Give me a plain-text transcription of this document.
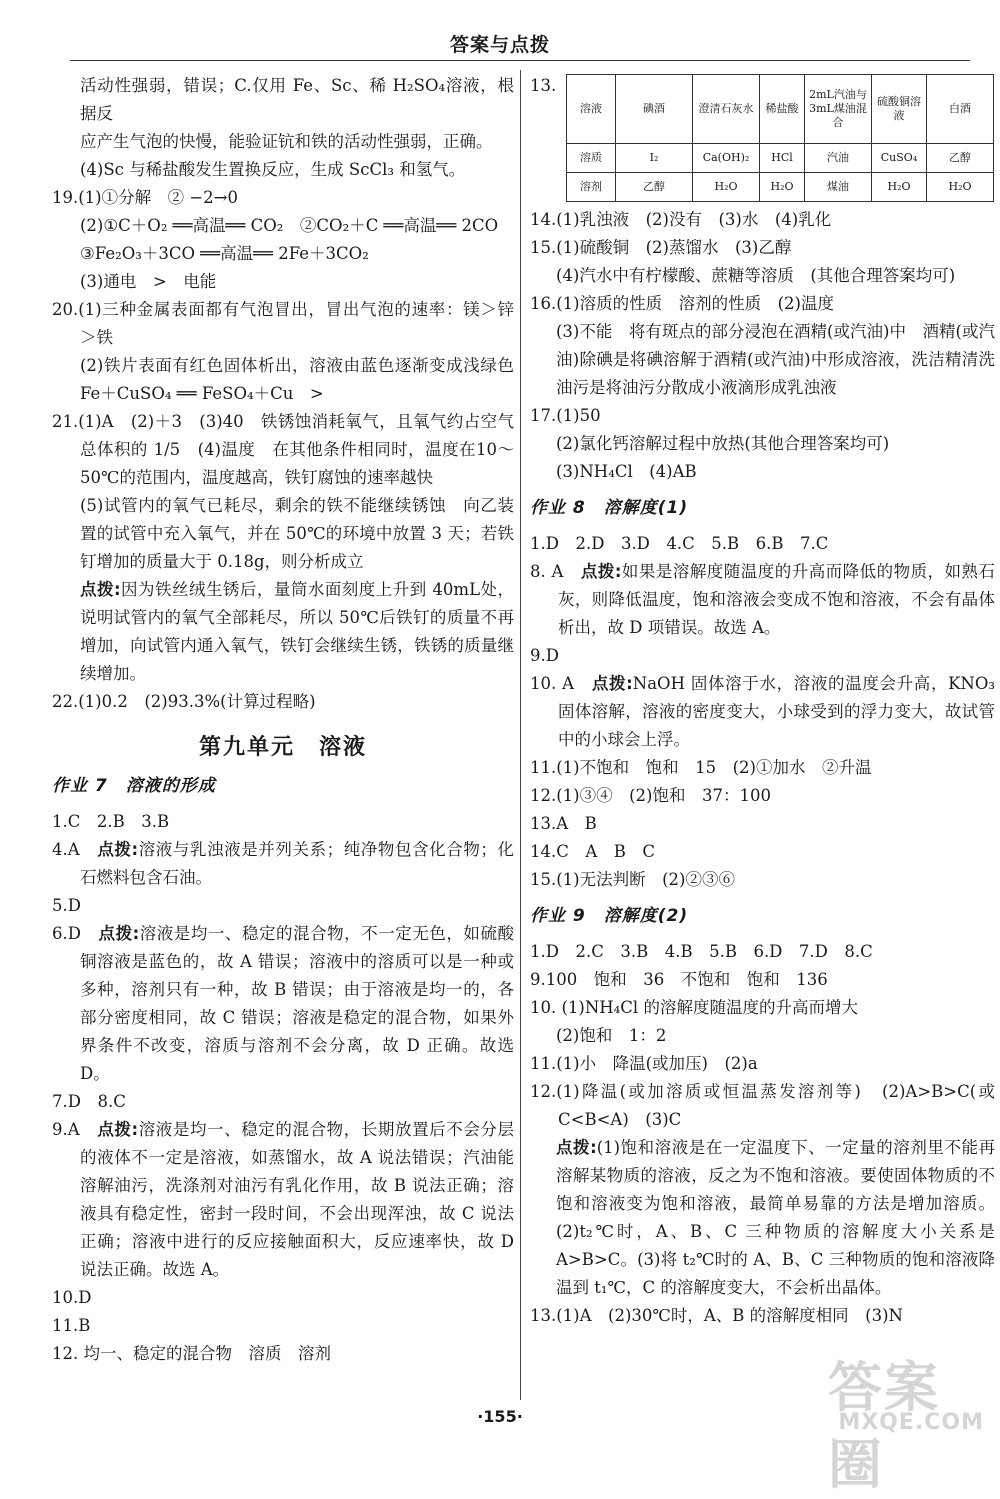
答案与点拨

活动性强弱，错误；C.仅用 Fe、Sc、稀 H₂SO₄溶液，根据反

应产生气泡的快慢，能验证钪和铁的活动性强弱，正确。

(4)Sc 与稀盐酸发生置换反应，生成 ScCl₃ 和氢气。

19.(1)①分解　② −2→0

(2)①C＋O₂ ══高温══ CO₂　②CO₂＋C ══高温══ 2CO

③Fe₂O₃＋3CO ══高温══ 2Fe＋3CO₂

(3)通电　>　电能

20.(1)三种金属表面都有气泡冒出，冒出气泡的速率：镁＞锌＞铁

(2)铁片表面有红色固体析出，溶液由蓝色逐渐变成浅绿色　Fe＋CuSO₄ ══ FeSO₄＋Cu　>

21.(1)A　(2)＋3　(3)40　铁锈蚀消耗氧气，且氧气约占空气总体积的 1/5　(4)温度　在其他条件相同时，温度在10～50℃的范围内，温度越高，铁钉腐蚀的速率越快

(5)试管内的氧气已耗尽，剩余的铁不能继续锈蚀　向乙装置的试管中充入氧气，并在 50℃的环境中放置 3 天；若铁钉增加的质量大于 0.18g，则分析成立

点拨:因为铁丝绒生锈后，量筒水面刻度上升到 40mL处，说明试管内的氧气全部耗尽，所以 50℃后铁钉的质量不再增加，向试管内通入氧气，铁钉会继续生锈，铁锈的质量继续增加。

22.(1)0.2　(2)93.3%(计算过程略)

第九单元　溶液
作业 7　溶液的形成

1.C　2.B　3.B

4.A　点拨:溶液与乳浊液是并列关系；纯净物包含化合物；化石燃料包含石油。

5.D

6.D　点拨:溶液是均一、稳定的混合物，不一定无色，如硫酸铜溶液是蓝色的，故 A 错误；溶液中的溶质可以是一种或多种，溶剂只有一种，故 B 错误；由于溶液是均一的，各部分密度相同，故 C 错误；溶液是稳定的混合物，如果外界条件不改变，溶质与溶剂不会分离，故 D 正确。故选 D。

7.D　8.C

9.A　点拨:溶液是均一、稳定的混合物，长期放置后不会分层的液体不一定是溶液，如蒸馏水，故 A 说法错误；汽油能溶解油污，洗涤剂对油污有乳化作用，故 B 说法正确；溶液具有稳定性，密封一段时间，不会出现浑浊，故 C 说法正确；溶液中进行的反应接触面积大，反应速率快，故 D 说法正确。故选 A。

10.D

11.B

12. 均一、稳定的混合物　溶质　溶剂

13.
溶液	碘酒	澄清石灰水	稀盐酸	2mL汽油与3mL煤油混合	硫酸铜溶液	白酒
溶质	I₂	Ca(OH)₂	HCl	汽油	CuSO₄	乙醇
溶剂	乙醇	H₂O	H₂O	煤油	H₂O	H₂O

14.(1)乳浊液　(2)没有　(3)水　(4)乳化

15.(1)硫酸铜　(2)蒸馏水　(3)乙醇

(4)汽水中有柠檬酸、蔗糖等溶质　(其他合理答案均可)

16.(1)溶质的性质　溶剂的性质　(2)温度

(3)不能　将有斑点的部分浸泡在酒精(或汽油)中　酒精(或汽油)除碘是将碘溶解于酒精(或汽油)中形成溶液，洗洁精清洗油污是将油污分散成小液滴形成乳浊液

17.(1)50

(2)氯化钙溶解过程中放热(其他合理答案均可)

(3)NH₄Cl　(4)AB

作业 8　溶解度(1)

1.D　2.D　3.D　4.C　5.B　6.B　7.C

8. A　点拨:如果是溶解度随温度的升高而降低的物质，如熟石灰，则降低温度，饱和溶液会变成不饱和溶液，不会有晶体析出，故 D 项错误。故选 A。

9.D

10. A　点拨:NaOH 固体溶于水，溶液的温度会升高，KNO₃固体溶解，溶液的密度变大，小球受到的浮力变大，故试管中的小球会上浮。

11.(1)不饱和　饱和　15　(2)①加水　②升温

12.(1)③④　(2)饱和　37：100

13.A　B

14.C　A　B　C

15.(1)无法判断　(2)②③⑥

作业 9　溶解度(2)

1.D　2.C　3.B　4.B　5.B　6.D　7.D　8.C

9.100　饱和　36　不饱和　饱和　136

10. (1)NH₄Cl 的溶解度随温度的升高而增大

(2)饱和　1：2

11.(1)小　降温(或加压)　(2)a

12.(1)降温(或加溶质或恒温蒸发溶剂等)　(2)A>B>C(或 C<B<A)　(3)C

点拨:(1)饱和溶液是在一定温度下、一定量的溶剂里不能再溶解某物质的溶液，反之为不饱和溶液。要使固体物质的不饱和溶液变为饱和溶液，最简单易靠的方法是增加溶质。(2)t₂℃时，A、B、C 三种物质的溶解度大小关系是 A>B>C。(3)将 t₂℃时的 A、B、C 三种物质的饱和溶液降温到 t₁℃，C 的溶解度变大，不会析出晶体。

13.(1)A　(2)30℃时，A、B 的溶解度相同　(3)N

·155·	答案圈
MXQE.COM
